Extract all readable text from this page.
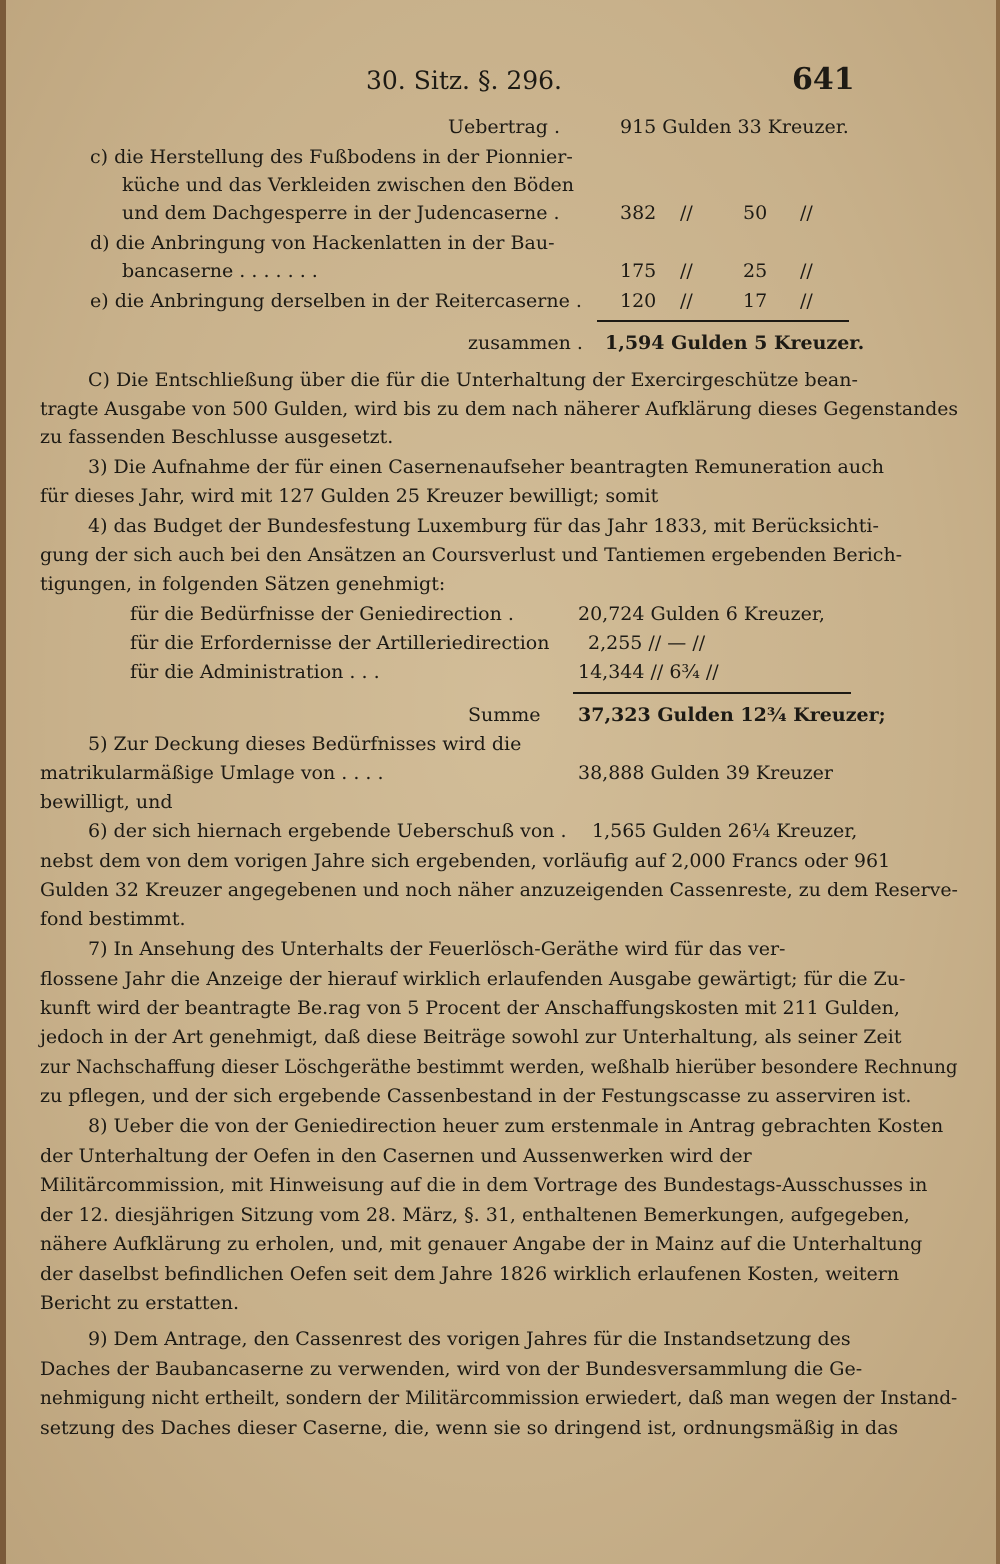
30. Sitz. §. 296.	641
Uebertrag .	915 Gulden 33 Kreuzer.
c) die Herstellung des Fußbodens in der Pionnier-
küche und das Verkleiden zwischen den Böden
und dem Dachgesperre in der Judencaserne .	382 //	50 //
d) die Anbringung von Hackenlatten in der Bau-
bancaserne . . . . . . .	175 //	25 //
e) die Anbringung derselben in der Reitercaserne . 120 //	17 //
zusammen . 1,594 Gulden 5 Kreuzer.
C) Die Entschließung über die für die Unterhaltung der Exercirgeschütze bean-
tragte Ausgabe von 500 Gulden, wird bis zu dem nach näherer Aufklärung dieses Gegenstandes
zu fassenden Beschlusse ausgesetzt.
3) Die Aufnahme der für einen Casernenaufseher beantragten Remuneration auch
für dieses Jahr, wird mit 127 Gulden 25 Kreuzer bewilligt; somit
4) das Budget der Bundesfestung Luxemburg für das Jahr 1833, mit Berücksichti-
gung der sich auch bei den Ansätzen an Coursverlust und Tantiemen ergebenden Berich-
tigungen, in folgenden Sätzen genehmigt:
für die Bedürfnisse der Geniedirection .	20,724 Gulden 6 Kreuzer,
für die Erfordernisse der Artilleriedirection 2,255 // — //
für die Administration . . .	14,344 // 6¾ //
Summe 37,323 Gulden 12¾ Kreuzer;
5) Zur Deckung dieses Bedürfnisses wird die
matrikularmäßige Umlage von . . . .	38,888 Gulden 39 Kreuzer
bewilligt, und
6) der sich hiernach ergebende Ueberschuß von . 1,565 Gulden 26¼ Kreuzer,
nebst dem von dem vorigen Jahre sich ergebenden, vorläufig auf 2,000 Francs oder 961
Gulden 32 Kreuzer angegebenen und noch näher anzuzeigenden Cassenreste, zu dem Reserve-
fond bestimmt.
7) In Ansehung des Unterhalts der Feuerlösch-Geräthe wird für das ver-
flossene Jahr die Anzeige der hierauf wirklich erlaufenden Ausgabe gewärtigt; für die Zu-
kunft wird der beantragte Be.rag von 5 Procent der Anschaffungskosten mit 211 Gulden,
jedoch in der Art genehmigt, daß diese Beiträge sowohl zur Unterhaltung, als seiner Zeit
zur Nachschaffung dieser Löschgeräthe bestimmt werden, weßhalb hierüber besondere Rechnung
zu pflegen, und der sich ergebende Cassenbestand in der Festungscasse zu asserviren ist.
8) Ueber die von der Geniedirection heuer zum erstenmale in Antrag gebrachten Kosten
der Unterhaltung der Oefen in den Casernen und Aussenwerken wird der
Militärcommission, mit Hinweisung auf die in dem Vortrage des Bundestags-Ausschusses in
der 12. diesjährigen Sitzung vom 28. März, §. 31, enthaltenen Bemerkungen, aufgegeben,
nähere Aufklärung zu erholen, und, mit genauer Angabe der in Mainz auf die Unterhaltung
der daselbst befindlichen Oefen seit dem Jahre 1826 wirklich erlaufenen Kosten, weitern
Bericht zu erstatten.
9) Dem Antrage, den Cassenrest des vorigen Jahres für die Instandsetzung des
Daches der Baubancaserne zu verwenden, wird von der Bundesversammlung die Ge-
nehmigung nicht ertheilt, sondern der Militärcommission erwiedert, daß man wegen der Instand-
setzung des Daches dieser Caserne, die, wenn sie so dringend ist, ordnungsmäßig in das
